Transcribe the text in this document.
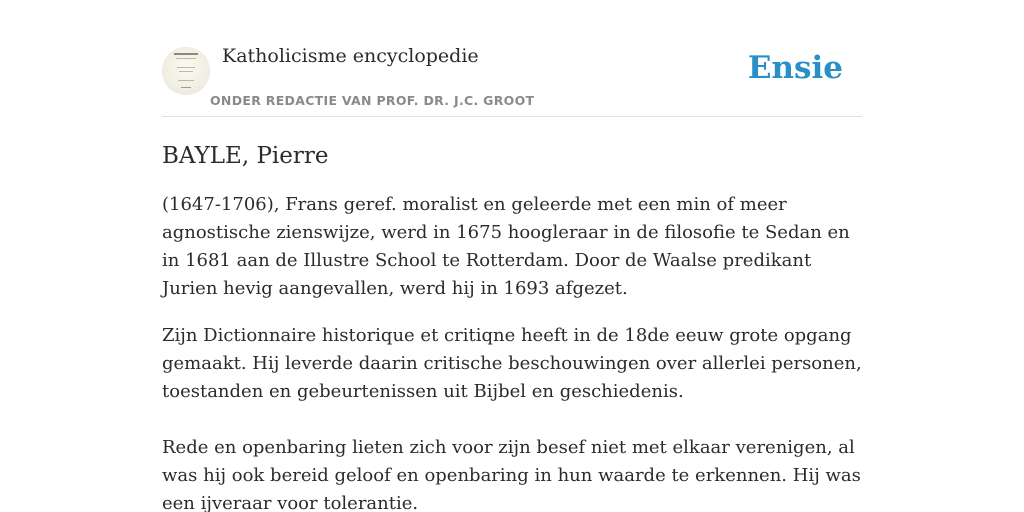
Katholicisme encyclopedie
ONDER REDACTIE VAN PROF. DR. J.C. GROOT
Ensie
BAYLE, Pierre

(1647-1706), Frans geref. moralist en geleerde met een min of meer agnostische zienswijze, werd in 1675 hoogleraar in de filosofie te Sedan en in 1681 aan de Illustre School te Rotterdam. Door de Waalse predikant Jurien hevig aangevallen, werd hij in 1693 afgezet.

Zijn Dictionnaire historique et critiqne heeft in de 18de eeuw grote opgang gemaakt. Hij leverde daarin critische beschouwingen over allerlei personen, toestanden en gebeurtenissen uit Bijbel en geschiedenis.

Rede en openbaring lieten zich voor zijn besef niet met elkaar verenigen, al was hij ook bereid geloof en openbaring in hun waarde te erkennen. Hij was een ijveraar voor tolerantie.
